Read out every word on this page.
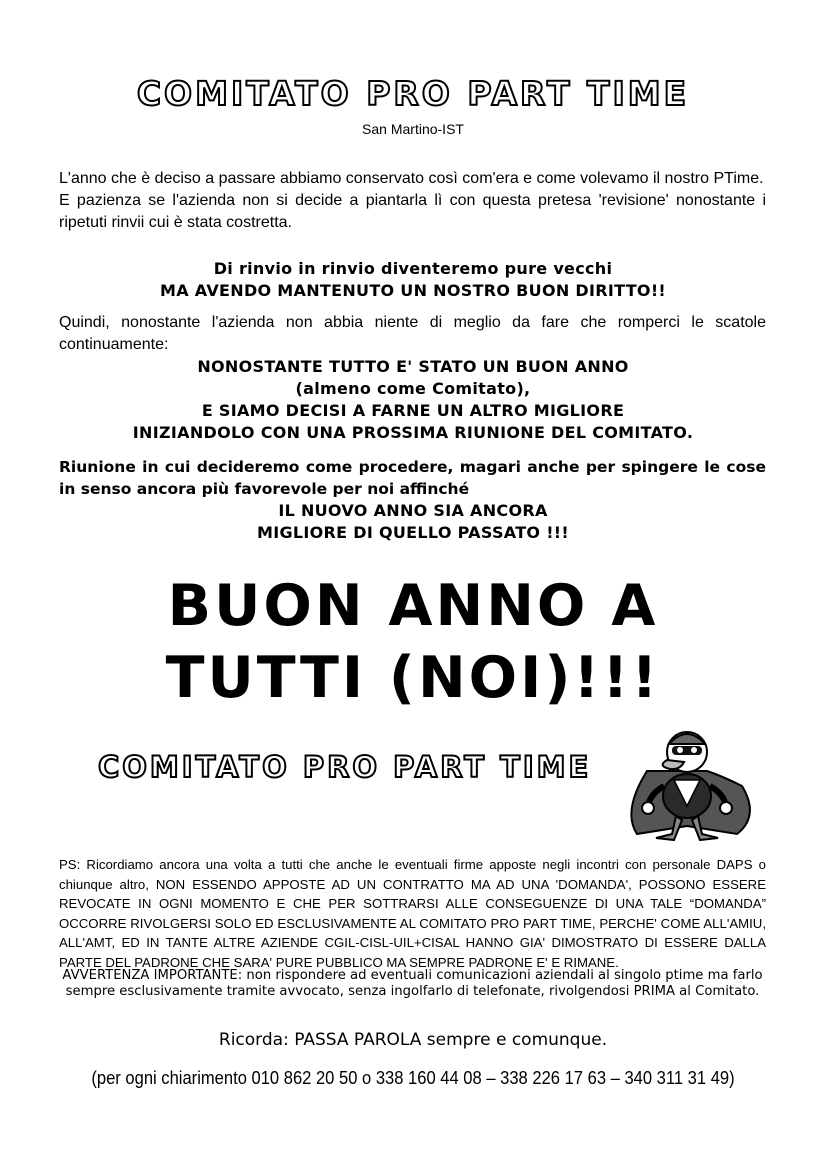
COMITATO PRO PART TIME
San Martino-IST
L'anno che è deciso a passare abbiamo conservato così com'era e come volevamo il nostro PTime.
E pazienza se l'azienda non si decide a piantarla lì con questa pretesa 'revisione' nonostante i ripetuti rinvii cui è stata costretta.
Di rinvio in rinvio diventeremo pure vecchi
MA AVENDO MANTENUTO UN NOSTRO BUON DIRITTO!!
Quindi, nonostante l'azienda non abbia niente di meglio da fare che romperci le scatole continuamente:
NONOSTANTE TUTTO E' STATO UN BUON ANNO
(almeno come Comitato),
E SIAMO DECISI A FARNE UN ALTRO MIGLIORE
INIZIANDOLO CON UNA PROSSIMA RIUNIONE DEL COMITATO.
Riunione in cui decideremo come procedere, magari anche per spingere le cose in senso ancora più favorevole per noi affinché
IL NUOVO ANNO SIA ANCORA
MIGLIORE DI QUELLO PASSATO !!!
BUON ANNO A
TUTTI (NOI)!!!
COMITATO PRO PART TIME
PS: Ricordiamo ancora una volta a tutti che anche le eventuali firme apposte negli incontri con personale DAPS o chiunque altro, NON ESSENDO APPOSTE AD UN CONTRATTO MA AD UNA 'DOMANDA', POSSONO ESSERE REVOCATE IN OGNI MOMENTO E CHE PER SOTTRARSI ALLE CONSEGUENZE DI UNA TALE “DOMANDA” OCCORRE RIVOLGERSI SOLO ED ESCLUSIVAMENTE AL COMITATO PRO PART TIME, PERCHE' COME ALL'AMIU, ALL'AMT, ED IN TANTE ALTRE AZIENDE CGIL-CISL-UIL+CISAL HANNO GIA' DIMOSTRATO DI ESSERE DALLA PARTE DEL PADRONE CHE SARA' PURE PUBBLICO MA SEMPRE PADRONE E' E RIMANE.
AVVERTENZA IMPORTANTE: non rispondere ad eventuali comunicazioni aziendali al singolo ptime ma farlo sempre esclusivamente tramite avvocato, senza ingolfarlo di telefonate, rivolgendosi PRIMA al Comitato.
Ricorda: PASSA PAROLA sempre e comunque.
(per ogni chiarimento 010 862 20 50 o 338 160 44 08 – 338 226 17 63 – 340 311 31 49)
